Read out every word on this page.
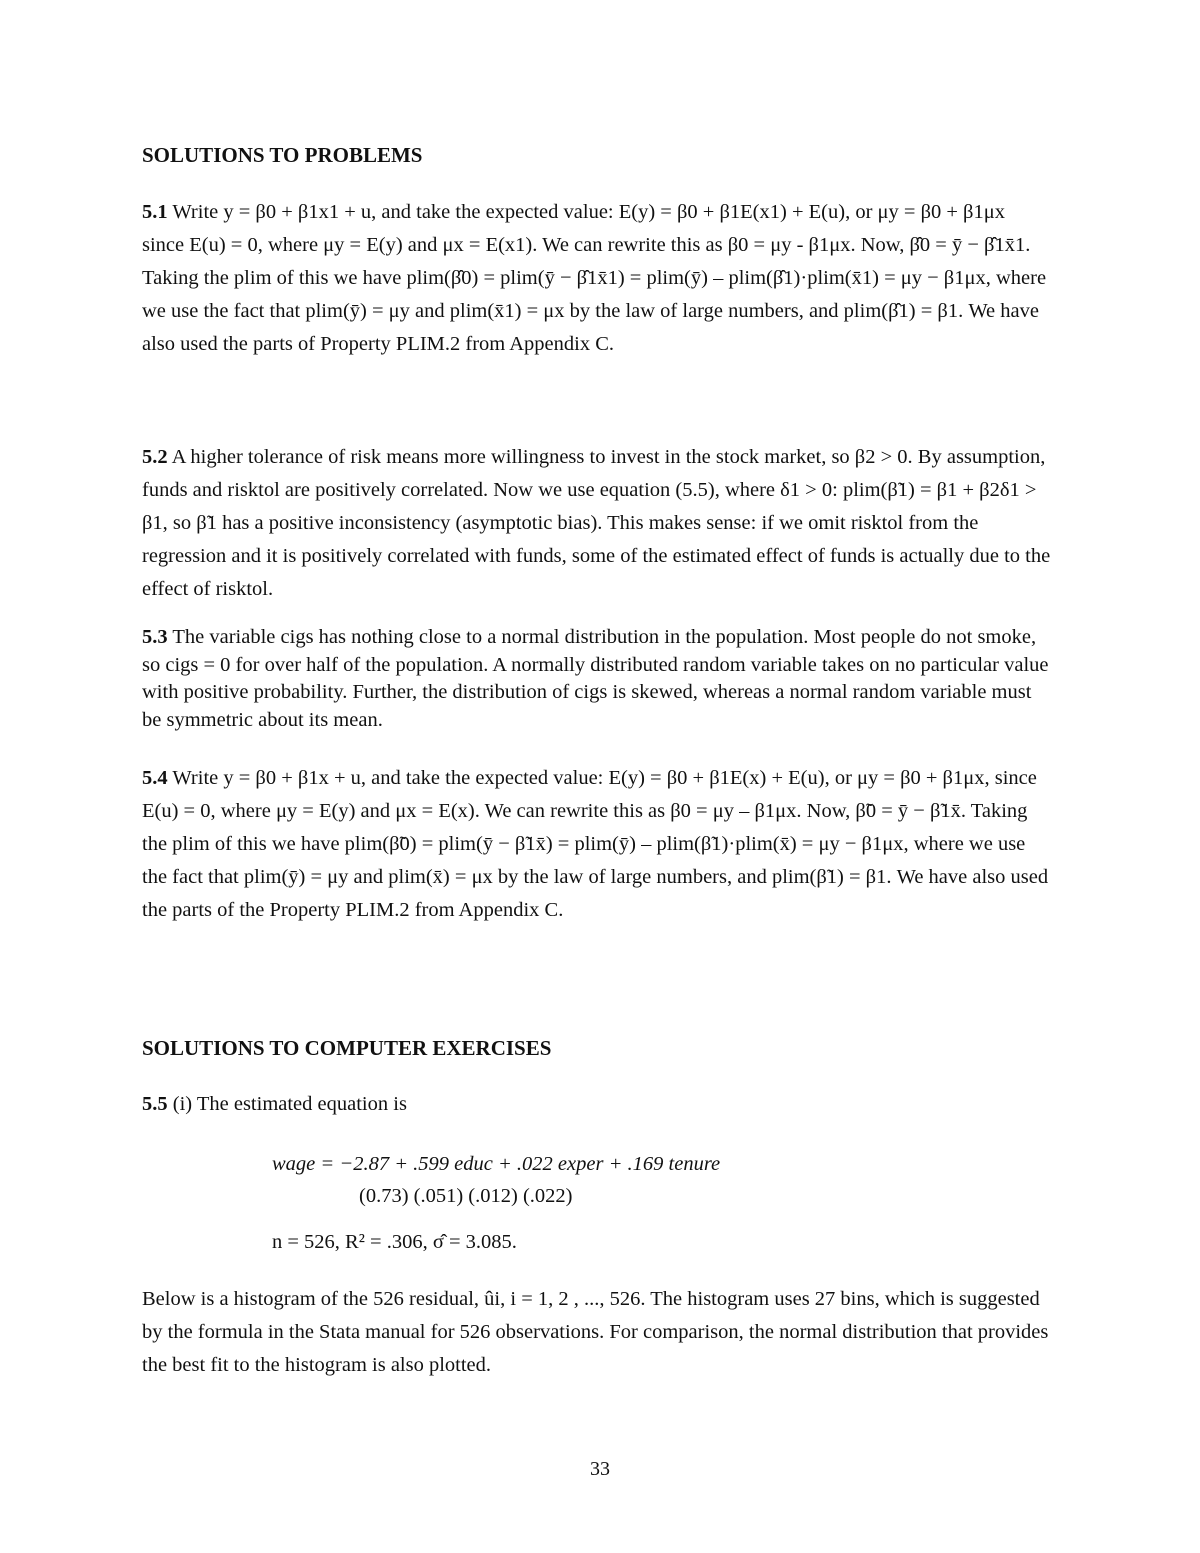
SOLUTIONS TO PROBLEMS

5.1 Write y = β0 + β1x1 + u, and take the expected value: E(y) = β0 + β1E(x1) + E(u), or μy = β0 + β1μx since E(u) = 0, where μy = E(y) and μx = E(x1). We can rewrite this as β0 = μy - β1μx. Now, β̂0 = ȳ − β̂1x̄1. Taking the plim of this we have plim(β̂0) = plim(ȳ − β̂1x̄1) = plim(ȳ) – plim(β̂1)·plim(x̄1) = μy − β1μx, where we use the fact that plim(ȳ) = μy and plim(x̄1) = μx by the law of large numbers, and plim(β̂1) = β1. We have also used the parts of Property PLIM.2 from Appendix C.

5.2 A higher tolerance of risk means more willingness to invest in the stock market, so β2 > 0. By assumption, funds and risktol are positively correlated. Now we use equation (5.5), where δ1 > 0: plim(β̃1) = β1 + β2δ1 > β1, so β̃1 has a positive inconsistency (asymptotic bias). This makes sense: if we omit risktol from the regression and it is positively correlated with funds, some of the estimated effect of funds is actually due to the effect of risktol.

5.3 The variable cigs has nothing close to a normal distribution in the population. Most people do not smoke, so cigs = 0 for over half of the population. A normally distributed random variable takes on no particular value with positive probability. Further, the distribution of cigs is skewed, whereas a normal random variable must be symmetric about its mean.

5.4 Write y = β0 + β1x + u, and take the expected value: E(y) = β0 + β1E(x) + E(u), or μy = β0 + β1μx, since E(u) = 0, where μy = E(y) and μx = E(x). We can rewrite this as β0 = μy – β1μx. Now, β̃0 = ȳ − β̃1x̄. Taking the plim of this we have plim(β̃0) = plim(ȳ − β̃1x̄) = plim(ȳ) – plim(β̃1)·plim(x̄) = μy − β1μx, where we use the fact that plim(ȳ) = μy and plim(x̄) = μx by the law of large numbers, and plim(β̃1) = β1. We have also used the parts of the Property PLIM.2 from Appendix C.

SOLUTIONS TO COMPUTER EXERCISES

5.5 (i) The estimated equation is

wage = −2.87 + .599 educ + .022 exper + .169 tenure
(0.73) (.051) (.012) (.022)
n = 526, R² = .306, σ̂ = 3.085.

Below is a histogram of the 526 residual, ûi, i = 1, 2 , ..., 526. The histogram uses 27 bins, which is suggested by the formula in the Stata manual for 526 observations. For comparison, the normal distribution that provides the best fit to the histogram is also plotted.

33
